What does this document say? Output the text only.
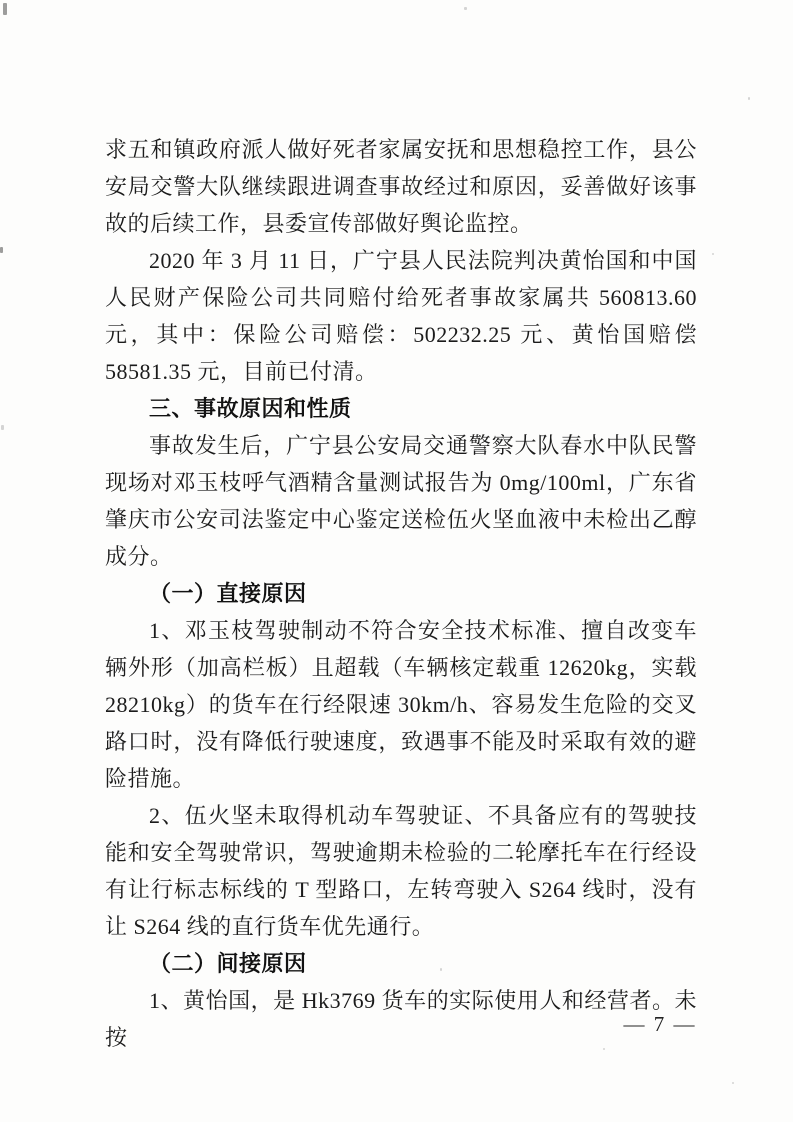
求五和镇政府派人做好死者家属安抚和思想稳控工作，县公安局交警大队继续跟进调查事故经过和原因，妥善做好该事故的后续工作，县委宣传部做好舆论监控。

2020 年 3 月 11 日，广宁县人民法院判决黄怡国和中国人民财产保险公司共同赔付给死者事故家属共 560813.60 元，其中：保险公司赔偿：502232.25 元、黄怡国赔偿 58581.35 元，目前已付清。

三、事故原因和性质

事故发生后，广宁县公安局交通警察大队春水中队民警现场对邓玉枝呼气酒精含量测试报告为 0mg/100ml，广东省肇庆市公安司法鉴定中心鉴定送检伍火坚血液中未检出乙醇成分。

（一）直接原因

1、邓玉枝驾驶制动不符合安全技术标准、擅自改变车辆外形（加高栏板）且超载（车辆核定载重 12620kg，实载 28210kg）的货车在行经限速 30km/h、容易发生危险的交叉路口时，没有降低行驶速度，致遇事不能及时采取有效的避险措施。

2、伍火坚未取得机动车驾驶证、不具备应有的驾驶技能和安全驾驶常识，驾驶逾期未检验的二轮摩托车在行经设有让行标志标线的 T 型路口，左转弯驶入 S264 线时，没有让 S264 线的直行货车优先通行。

（二）间接原因

1、黄怡国，是 Hk3769 货车的实际使用人和经营者。未按

— 7 —
